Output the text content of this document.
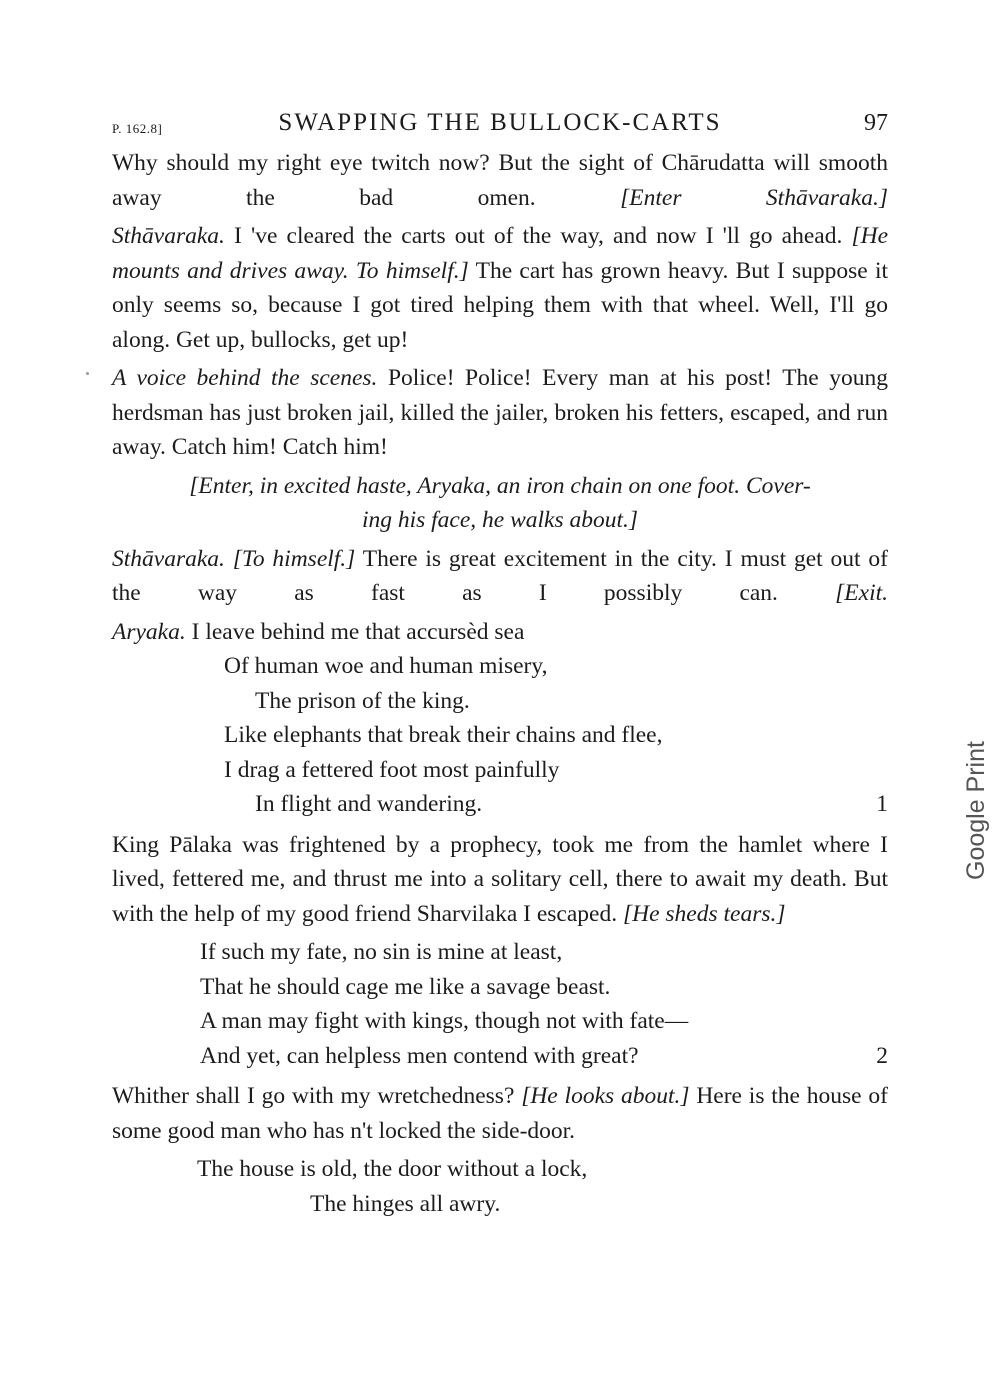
P. 162.8]	SWAPPING THE BULLOCK-CARTS	97

Why should my right eye twitch now? But the sight of Chārudatta will smooth away the bad omen.	[Enter Sthāvaraka.]

Sthāvaraka. I 've cleared the carts out of the way, and now I 'll go ahead. [He mounts and drives away. To himself.] The cart has grown heavy. But I suppose it only seems so, because I got tired helping them with that wheel. Well, I'll go along. Get up, bullocks, get up!

A voice behind the scenes. Police! Police! Every man at his post! The young herdsman has just broken jail, killed the jailer, broken his fetters, escaped, and run away. Catch him! Catch him!

[Enter, in excited haste, Aryaka, an iron chain on one foot. Cover-
ing his face, he walks about.]

Sthāvaraka. [To himself.] There is great excitement in the city. I must get out of the way as fast as I possibly can. [Exit.

Aryaka. I leave behind me that accursèd sea
Of human woe and human misery,
The prison of the king.
Like elephants that break their chains and flee,
I drag a fettered foot most painfully
In flight and wandering.	1

King Pālaka was frightened by a prophecy, took me from the hamlet where I lived, fettered me, and thrust me into a solitary cell, there to await my death. But with the help of my good friend Sharvilaka I escaped. [He sheds tears.]

If such my fate, no sin is mine at least,
That he should cage me like a savage beast.
A man may fight with kings, though not with fate—
And yet, can helpless men contend with great?	2

Whither shall I go with my wretchedness? [He looks about.] Here is the house of some good man who has n't locked the side-door.

The house is old, the door without a lock,
The hinges all awry.
Google Print
